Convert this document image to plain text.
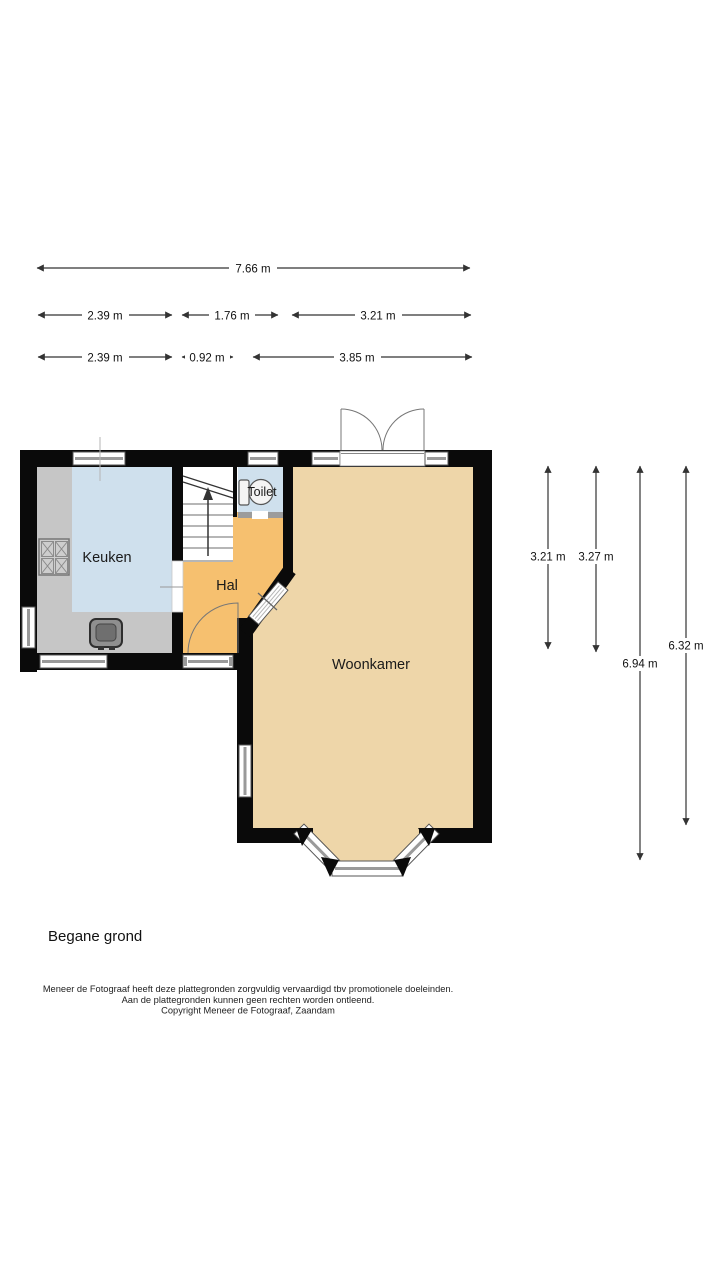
7.66 m
2.39 m	1.76 m	3.21 m
2.39 m	0.92 m	3.85 m
3.21 m 3.27 m
6.94 m
6.32 m
Keuken
Hal
Toilet
Woonkamer
Begane grond
Meneer de Fotograaf heeft deze plattegronden zorgvuldig vervaardigd tbv promotionele doeleinden.
Aan de plattegronden kunnen geen rechten worden ontleend.
Copyright Meneer de Fotograaf, Zaandam
